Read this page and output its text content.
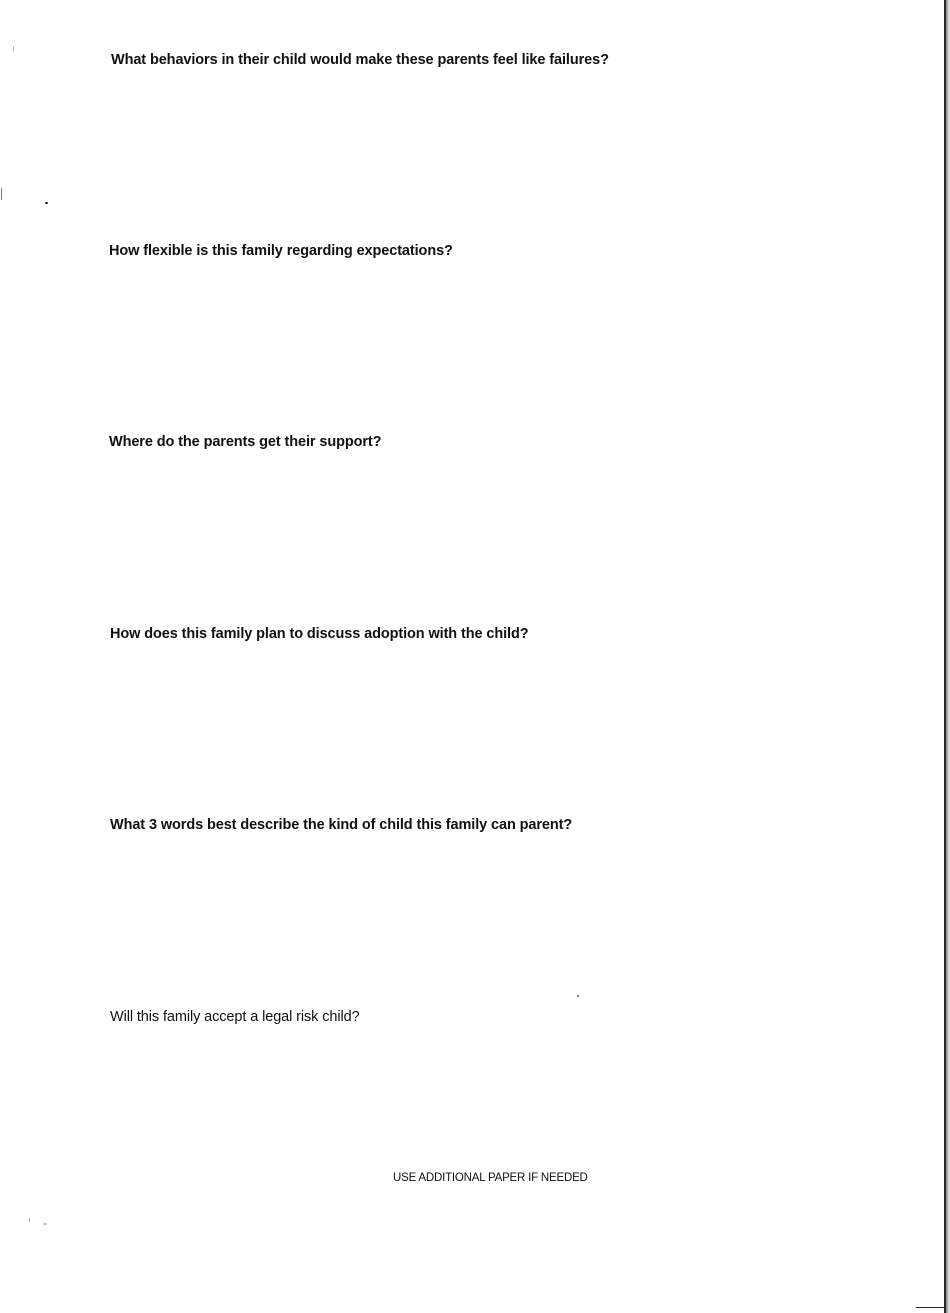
What behaviors in their child would make these parents feel like failures?

How flexible is this family regarding expectations?

Where do the parents get their support?

How does this family plan to discuss adoption with the child?

What 3 words best describe the kind of child this family can parent?

Will this family accept a legal risk child?

USE ADDITIONAL PAPER IF NEEDED
